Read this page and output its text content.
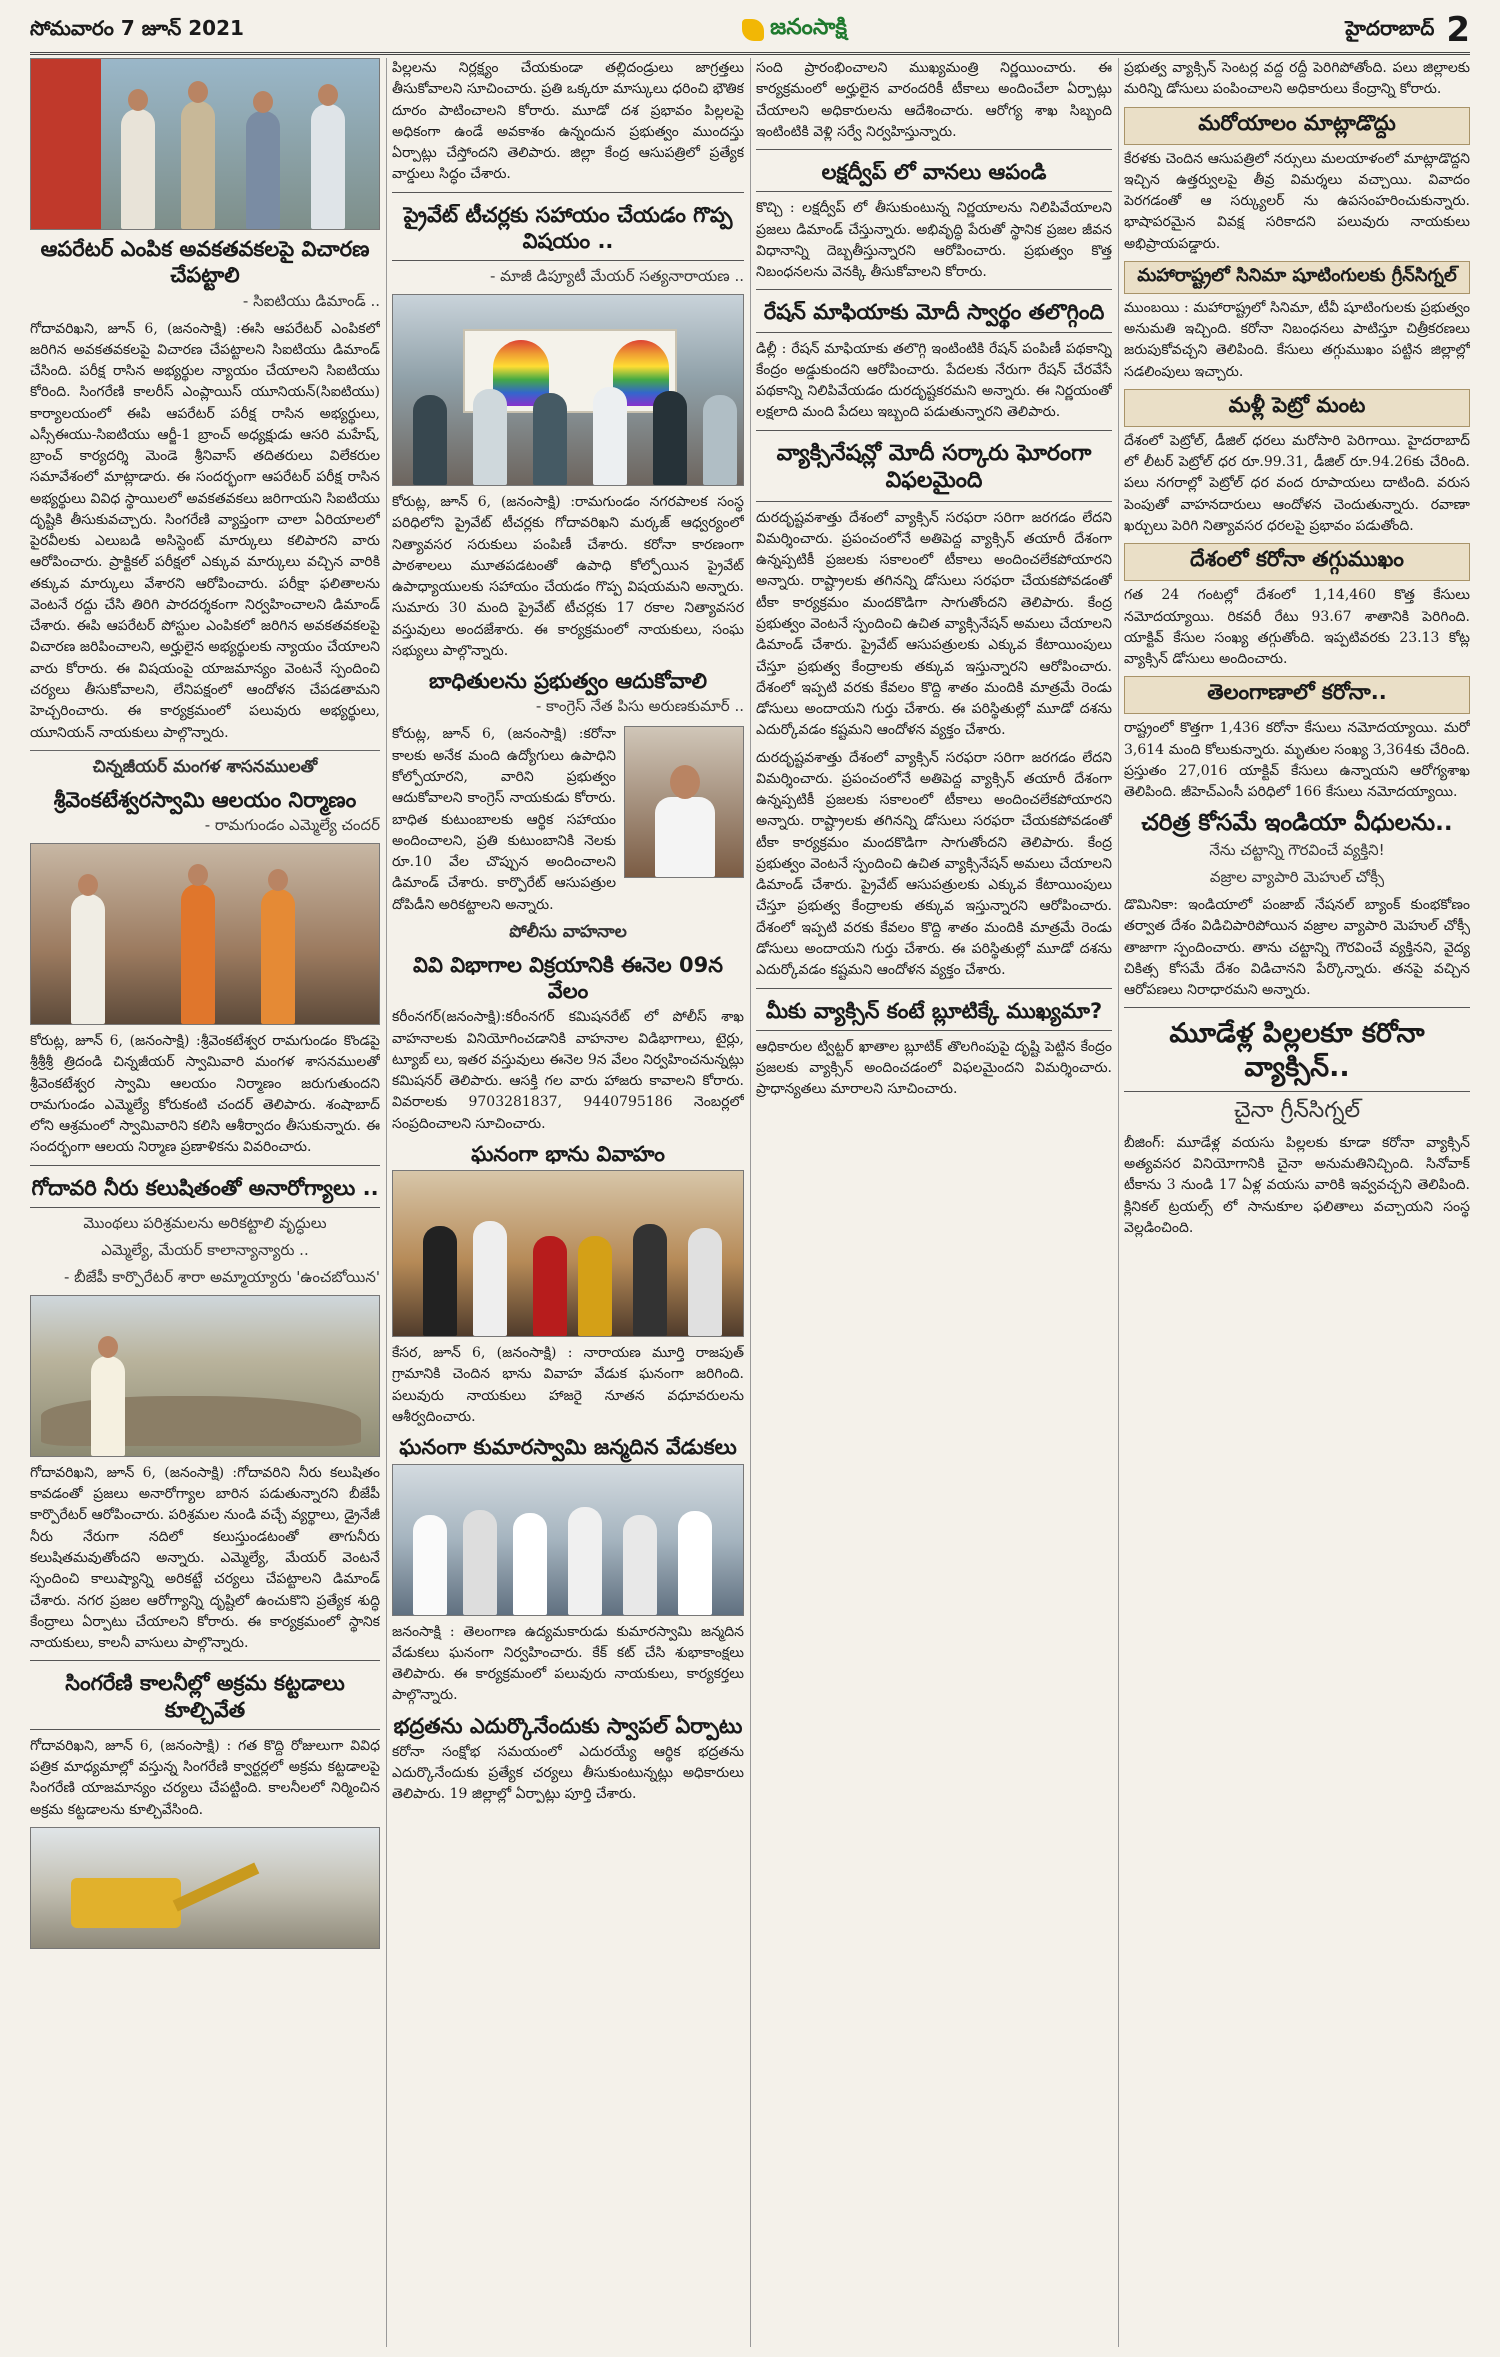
సోమవారం 7 జూన్ 2021	జనంసాక్షి	హైదరాబాద్ 2
ఆపరేటర్ ఎంపిక అవకతవకలపై విచారణ చేపట్టాలి
- సిఐటియు డిమాండ్ ..

గోదావరిఖని, జూన్ 6, (జనంసాక్షి) :ఈసి ఆపరేటర్ ఎంపికలో జరిగిన అవకతవకలపై విచారణ చేపట్టాలని సిఐటియు డిమాండ్ చేసింది. పరీక్ష రాసిన అభ్యర్థుల న్యాయం చేయాలని సిఐటియు కోరింది. సింగరేణి కాలరీస్ ఎంప్లాయిస్ యూనియన్(సిఐటియు) కార్యాలయంలో ఈపి ఆపరేటర్ పరీక్ష రాసిన అభ్యర్థులు, ఎస్సీఈయు-సిఐటియు ఆర్జీ-1 బ్రాంచ్ అధ్యక్షుడు ఆసరి మహేష్, బ్రాంచ్ కార్యదర్శి మెండె శ్రీనివాస్ తదితరులు విలేకరుల సమావేశంలో మాట్లాడారు. ఈ సందర్భంగా ఆపరేటర్ పరీక్ష రాసిన అభ్యర్థులు వివిధ స్థాయిలలో అవకతవకలు జరిగాయని సిఐటియు దృష్టికి తీసుకువచ్చారు. సింగరేణి వ్యాప్తంగా చాలా ఏరియాలలో పైరవీలకు ఎలుబడి అసిస్టెంట్ మార్కులు కలిపారని వారు ఆరోపించారు. ప్రాక్టికల్ పరీక్షలో ఎక్కువ మార్కులు వచ్చిన వారికి తక్కువ మార్కులు వేశారని ఆరోపించారు. పరీక్షా ఫలితాలను వెంటనే రద్దు చేసి తిరిగి పారదర్శకంగా నిర్వహించాలని డిమాండ్ చేశారు. ఈపి ఆపరేటర్ పోస్టుల ఎంపికలో జరిగిన అవకతవకలపై విచారణ జరిపించాలని, అర్హులైన అభ్యర్థులకు న్యాయం చేయాలని వారు కోరారు. ఈ విషయంపై యాజమాన్యం వెంటనే స్పందించి చర్యలు తీసుకోవాలని, లేనిపక్షంలో ఆందోళన చేపడతామని హెచ్చరించారు. ఈ కార్యక్రమంలో పలువురు అభ్యర్థులు, యూనియన్ నాయకులు పాల్గొన్నారు.

చిన్నజీయర్ మంగళ శాసనములతో
శ్రీవెంకటేశ్వరస్వామి ఆలయం నిర్మాణం
- రామగుండం ఎమ్మెల్యే చందర్

కోరుట్ల, జూన్ 6, (జనంసాక్షి) :శ్రీవెంకటేశ్వర రామగుండం కొండపై శ్రీశ్రీశ్రీ త్రిదండి చిన్నజీయర్ స్వామివారి మంగళ శాసనములతో శ్రీవెంకటేశ్వర స్వామి ఆలయం నిర్మాణం జరుగుతుందని రామగుండం ఎమ్మెల్యే కోరుకంటి చందర్ తెలిపారు. శంషాబాద్ లోని ఆశ్రమంలో స్వామివారిని కలిసి ఆశీర్వాదం తీసుకున్నారు. ఈ సందర్భంగా ఆలయ నిర్మాణ ప్రణాళికను వివరించారు.

గోదావరి నీరు కలుషితంతో అనారోగ్యాలు ..
మెుంథలు పరిశ్రమలను అరికట్టాలి వృద్ధులు
ఎమ్మెల్యే, మేయర్ కాలాన్యాన్యారు ..
- బీజేపీ కార్పొరేటర్ శారా అమ్మాయ్యారు 'ఉంచబోయిన'

గోదావరిఖని, జూన్ 6, (జనంసాక్షి) :గోదావరిని నీరు కలుషితం కావడంతో ప్రజలు అనారోగ్యాల బారిన పడుతున్నారని బీజేపీ కార్పొరేటర్ ఆరోపించారు. పరిశ్రమల నుండి వచ్చే వ్యర్థాలు, డ్రైనేజీ నీరు నేరుగా నదిలో కలుస్తుండటంతో తాగునీరు కలుషితమవుతోందని అన్నారు. ఎమ్మెల్యే, మేయర్ వెంటనే స్పందించి కాలుష్యాన్ని అరికట్టే చర్యలు చేపట్టాలని డిమాండ్ చేశారు. నగర ప్రజల ఆరోగ్యాన్ని దృష్టిలో ఉంచుకొని ప్రత్యేక శుద్ధి కేంద్రాలు ఏర్పాటు చేయాలని కోరారు. ఈ కార్యక్రమంలో స్థానిక నాయకులు, కాలనీ వాసులు పాల్గొన్నారు.

సింగరేణి కాలనీల్లో అక్రమ కట్టడాలు కూల్చివేత

గోదావరిఖని, జూన్ 6, (జనంసాక్షి) : గత కొద్ది రోజులుగా వివిధ పత్రిక మాధ్యమాల్లో వస్తున్న సింగరేణి క్వార్టర్లలో అక్రమ కట్టడాలపై సింగరేణి యాజమాన్యం చర్యలు చేపట్టింది. కాలనీలలో నిర్మించిన అక్రమ కట్టడాలను కూల్చివేసింది.

పిల్లలను నిర్లక్ష్యం చేయకుండా తల్లిదండ్రులు జాగ్రత్తలు తీసుకోవాలని సూచించారు. ప్రతి ఒక్కరూ మాస్కులు ధరించి భౌతిక దూరం పాటించాలని కోరారు. మూడో దశ ప్రభావం పిల్లలపై అధికంగా ఉండే అవకాశం ఉన్నందున ప్రభుత్వం ముందస్తు ఏర్పాట్లు చేస్తోందని తెలిపారు. జిల్లా కేంద్ర ఆసుపత్రిలో ప్రత్యేక వార్డులు సిద్ధం చేశారు.

ప్రైవేట్ టీచర్లకు సహాయం చేయడం గొప్ప విషయం ..
- మాజీ డిప్యూటీ మేయర్ సత్యనారాయణ ..

కోరుట్ల, జూన్ 6, (జనంసాక్షి) :రామగుండం నగరపాలక సంస్థ పరిధిలోని ప్రైవేట్ టీచర్లకు గోదావరిఖని మర్కజ్ ఆధ్వర్యంలో నిత్యావసర సరుకులు పంపిణీ చేశారు. కరోనా కారణంగా పాఠశాలలు మూతపడటంతో ఉపాధి కోల్పోయిన ప్రైవేట్ ఉపాధ్యాయులకు సహాయం చేయడం గొప్ప విషయమని అన్నారు. సుమారు 30 మంది ప్రైవేట్ టీచర్లకు 17 రకాల నిత్యావసర వస్తువులు అందజేశారు. ఈ కార్యక్రమంలో నాయకులు, సంఘ సభ్యులు పాల్గొన్నారు.

బాధితులను ప్రభుత్వం ఆదుకోవాలి
- కాంగ్రెస్ నేత పిసు అరుణకుమార్ ..

కోరుట్ల, జూన్ 6, (జనంసాక్షి) :కరోనా కాలకు అనేక మంది ఉద్యోగులు ఉపాధిని కోల్పోయారని, వారిని ప్రభుత్వం ఆదుకోవాలని కాంగ్రెస్ నాయకుడు కోరారు. బాధిత కుటుంబాలకు ఆర్థిక సహాయం అందించాలని, ప్రతి కుటుంబానికి నెలకు రూ.10 వేల చొప్పున అందించాలని డిమాండ్ చేశారు. కార్పొరేట్ ఆసుపత్రుల దోపిడీని అరికట్టాలని అన్నారు.

పోలీసు వాహనాల
వివి విభాగాల విక్రయానికి ఈనెల 09న వేలం

కరీంనగర్(జనంసాక్షి):కరీంనగర్ కమిషనరేట్ లో పోలీస్ శాఖ వాహనాలకు వినియోగించడానికి వాహనాల విడిభాగాలు, టైర్లు, ట్యూబ్ లు, ఇతర వస్తువులు ఈనెల 9న వేలం నిర్వహించనున్నట్లు కమిషనర్ తెలిపారు. ఆసక్తి గల వారు హాజరు కావాలని కోరారు. వివరాలకు 9703281837, 9440795186 నెంబర్లలో సంప్రదించాలని సూచించారు.

ఘనంగా భాను వివాహం

కేసర, జూన్ 6, (జనంసాక్షి) : నారాయణ మూర్తి రాజపుత్ గ్రామానికి చెందిన భాను వివాహ వేడుక ఘనంగా జరిగింది. పలువురు నాయకులు హాజరై నూతన వధూవరులను ఆశీర్వదించారు.

ఘనంగా కుమారస్వామి జన్మదిన వేడుకలు

జనంసాక్షి : తెలంగాణ ఉద్యమకారుడు కుమారస్వామి జన్మదిన వేడుకలు ఘనంగా నిర్వహించారు. కేక్ కట్ చేసి శుభాకాంక్షలు తెలిపారు. ఈ కార్యక్రమంలో పలువురు నాయకులు, కార్యకర్తలు పాల్గొన్నారు.

భద్రతను ఎదుర్కొనేందుకు స్వాపల్ ఏర్పాటు

కరోనా సంక్షోభ సమయంలో ఎదురయ్యే ఆర్థిక భద్రతను ఎదుర్కొనేందుకు ప్రత్యేక చర్యలు తీసుకుంటున్నట్లు అధికారులు తెలిపారు. 19 జిల్లాల్లో ఏర్పాట్లు పూర్తి చేశారు.

సంది ప్రారంభించాలని ముఖ్యమంత్రి నిర్ణయించారు. ఈ కార్యక్రమంలో అర్హులైన వారందరికీ టీకాలు అందించేలా ఏర్పాట్లు చేయాలని అధికారులను ఆదేశించారు. ఆరోగ్య శాఖ సిబ్బంది ఇంటింటికి వెళ్లి సర్వే నిర్వహిస్తున్నారు.

లక్షద్వీప్ లో వానలు ఆపండి

కొచ్చి : లక్షద్వీప్ లో తీసుకుంటున్న నిర్ణయాలను నిలిపివేయాలని ప్రజలు డిమాండ్ చేస్తున్నారు. అభివృద్ధి పేరుతో స్థానిక ప్రజల జీవన విధానాన్ని దెబ్బతీస్తున్నారని ఆరోపించారు. ప్రభుత్వం కొత్త నిబంధనలను వెనక్కి తీసుకోవాలని కోరారు.

రేషన్ మాఫియాకు మోదీ స్వార్థం తలొగ్గింది

డిల్లీ : రేషన్ మాఫియాకు తలొగ్గి ఇంటింటికి రేషన్ పంపిణీ పథకాన్ని కేంద్రం అడ్డుకుందని ఆరోపించారు. పేదలకు నేరుగా రేషన్ చేరవేసే పథకాన్ని నిలిపివేయడం దురదృష్టకరమని అన్నారు. ఈ నిర్ణయంతో లక్షలాది మంది పేదలు ఇబ్బంది పడుతున్నారని తెలిపారు.

వ్యాక్సినేషన్లో మోదీ సర్కారు ఘోరంగా విఫలమైంది

దురదృష్టవశాత్తు దేశంలో వ్యాక్సిన్ సరఫరా సరిగా జరగడం లేదని విమర్శించారు. ప్రపంచంలోనే అతిపెద్ద వ్యాక్సిన్ తయారీ దేశంగా ఉన్నప్పటికీ ప్రజలకు సకాలంలో టీకాలు అందించలేకపోయారని అన్నారు. రాష్ట్రాలకు తగినన్ని డోసులు సరఫరా చేయకపోవడంతో టీకా కార్యక్రమం మందకొడిగా సాగుతోందని తెలిపారు. కేంద్ర ప్రభుత్వం వెంటనే స్పందించి ఉచిత వ్యాక్సినేషన్ అమలు చేయాలని డిమాండ్ చేశారు. ప్రైవేట్ ఆసుపత్రులకు ఎక్కువ కేటాయింపులు చేస్తూ ప్రభుత్వ కేంద్రాలకు తక్కువ ఇస్తున్నారని ఆరోపించారు. దేశంలో ఇప్పటి వరకు కేవలం కొద్ది శాతం మందికి మాత్రమే రెండు డోసులు అందాయని గుర్తు చేశారు. ఈ పరిస్థితుల్లో మూడో దశను ఎదుర్కోవడం కష్టమని ఆందోళన వ్యక్తం చేశారు.

దురదృష్టవశాత్తు దేశంలో వ్యాక్సిన్ సరఫరా సరిగా జరగడం లేదని విమర్శించారు. ప్రపంచంలోనే అతిపెద్ద వ్యాక్సిన్ తయారీ దేశంగా ఉన్నప్పటికీ ప్రజలకు సకాలంలో టీకాలు అందించలేకపోయారని అన్నారు. రాష్ట్రాలకు తగినన్ని డోసులు సరఫరా చేయకపోవడంతో టీకా కార్యక్రమం మందకొడిగా సాగుతోందని తెలిపారు. కేంద్ర ప్రభుత్వం వెంటనే స్పందించి ఉచిత వ్యాక్సినేషన్ అమలు చేయాలని డిమాండ్ చేశారు. ప్రైవేట్ ఆసుపత్రులకు ఎక్కువ కేటాయింపులు చేస్తూ ప్రభుత్వ కేంద్రాలకు తక్కువ ఇస్తున్నారని ఆరోపించారు. దేశంలో ఇప్పటి వరకు కేవలం కొద్ది శాతం మందికి మాత్రమే రెండు డోసులు అందాయని గుర్తు చేశారు. ఈ పరిస్థితుల్లో మూడో దశను ఎదుర్కోవడం కష్టమని ఆందోళన వ్యక్తం చేశారు.

మీకు వ్యాక్సిన్ కంటే బ్లూటిక్కే ముఖ్యమా?

ఆధికారుల ట్విట్టర్ ఖాతాల బ్లూటిక్ తొలగింపుపై దృష్టి పెట్టిన కేంద్రం ప్రజలకు వ్యాక్సిన్ అందించడంలో విఫలమైందని విమర్శించారు. ప్రాధాన్యతలు మారాలని సూచించారు.

ప్రభుత్వ వ్యాక్సిన్ సెంటర్ల వద్ద రద్దీ పెరిగిపోతోంది. పలు జిల్లాలకు మరిన్ని డోసులు పంపించాలని అధికారులు కేంద్రాన్ని కోరారు.

మరోయాలం మాట్లాడొద్దు

కేరళకు చెందిన ఆసుపత్రిలో నర్సులు మలయాళంలో మాట్లాడొద్దని ఇచ్చిన ఉత్తర్వులపై తీవ్ర విమర్శలు వచ్చాయి. వివాదం పెరగడంతో ఆ సర్క్యులర్ ను ఉపసంహరించుకున్నారు. భాషాపరమైన వివక్ష సరికాదని పలువురు నాయకులు అభిప్రాయపడ్డారు.

మహారాష్ట్రలో సినిమా షూటింగులకు గ్రీన్‌సిగ్నల్

ముంబయి : మహారాష్ట్రలో సినిమా, టీవీ షూటింగులకు ప్రభుత్వం అనుమతి ఇచ్చింది. కరోనా నిబంధనలు పాటిస్తూ చిత్రీకరణలు జరుపుకోవచ్చని తెలిపింది. కేసులు తగ్గుముఖం పట్టిన జిల్లాల్లో సడలింపులు ఇచ్చారు.

మళ్లీ పెట్రో మంట

దేశంలో పెట్రోల్, డీజిల్ ధరలు మరోసారి పెరిగాయి. హైదరాబాద్ లో లీటర్ పెట్రోల్ ధర రూ.99.31, డీజిల్ రూ.94.26కు చేరింది. పలు నగరాల్లో పెట్రోల్ ధర వంద రూపాయలు దాటింది. వరుస పెంపుతో వాహనదారులు ఆందోళన చెందుతున్నారు. రవాణా ఖర్చులు పెరిగి నిత్యావసర ధరలపై ప్రభావం పడుతోంది.

దేశంలో కరోనా తగ్గుముఖం

గత 24 గంటల్లో దేశంలో 1,14,460 కొత్త కేసులు నమోదయ్యాయి. రికవరీ రేటు 93.67 శాతానికి పెరిగింది. యాక్టివ్ కేసుల సంఖ్య తగ్గుతోంది. ఇప్పటివరకు 23.13 కోట్ల వ్యాక్సిన్ డోసులు అందించారు.

తెలంగాణాలో కరోనా..

రాష్ట్రంలో కొత్తగా 1,436 కరోనా కేసులు నమోదయ్యాయి. మరో 3,614 మంది కోలుకున్నారు. మృతుల సంఖ్య 3,364కు చేరింది. ప్రస్తుతం 27,016 యాక్టివ్ కేసులు ఉన్నాయని ఆరోగ్యశాఖ తెలిపింది. జీహెచ్ఎంసీ పరిధిలో 166 కేసులు నమోదయ్యాయి.

చరిత్ర కోసమే ఇండియా వీధులను..
నేను చట్టాన్ని గౌరవించే వ్యక్తిని!
వజ్రాల వ్యాపారి మెహుల్ చోక్సీ

డొమినికా: ఇండియాలో పంజాబ్ నేషనల్ బ్యాంక్ కుంభకోణం తర్వాత దేశం విడిచిపారిపోయిన వజ్రాల వ్యాపారి మెహుల్ చోక్సీ తాజాగా స్పందించారు. తాను చట్టాన్ని గౌరవించే వ్యక్తినని, వైద్య చికిత్స కోసమే దేశం విడిచానని పేర్కొన్నారు. తనపై వచ్చిన ఆరోపణలు నిరాధారమని అన్నారు.

మూడేళ్ల పిల్లలకూ కరోనా వ్యాక్సిన్..
చైనా గ్రీన్‌సిగ్నల్

బీజింగ్: మూడేళ్ల వయసు పిల్లలకు కూడా కరోనా వ్యాక్సిన్ అత్యవసర వినియోగానికి చైనా అనుమతినిచ్చింది. సినోవాక్ టీకాను 3 నుండి 17 ఏళ్ల వయసు వారికి ఇవ్వవచ్చని తెలిపింది. క్లినికల్ ట్రయల్స్ లో సానుకూల ఫలితాలు వచ్చాయని సంస్థ వెల్లడించింది.
